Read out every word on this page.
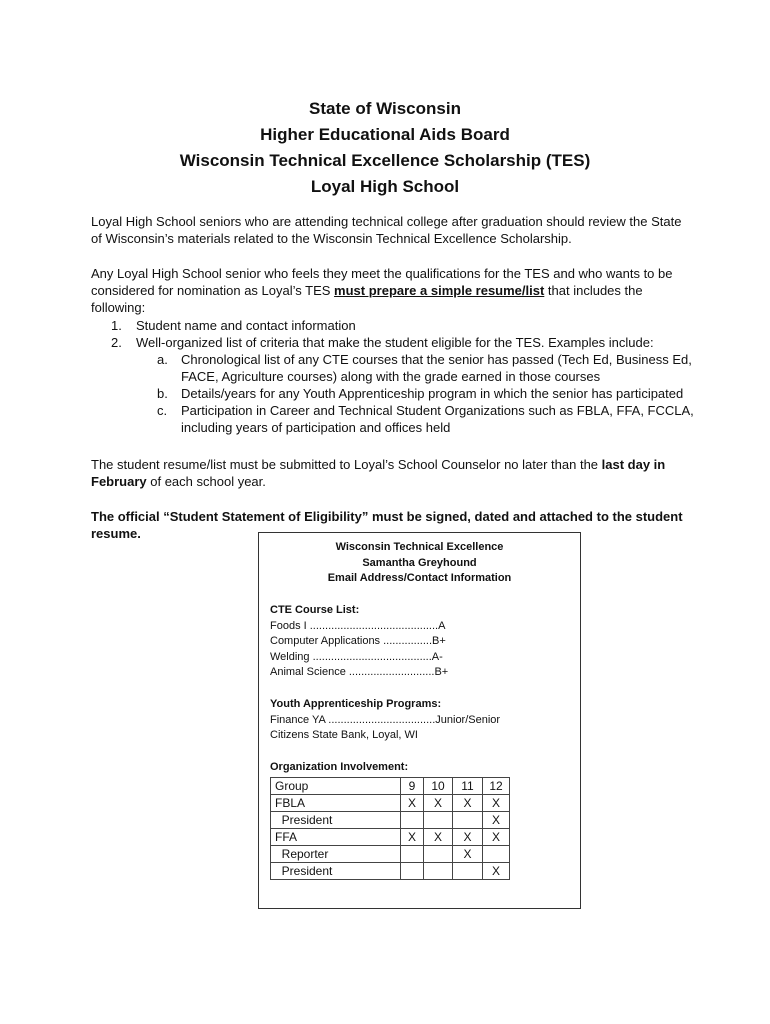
State of Wisconsin
Higher Educational Aids Board
Wisconsin Technical Excellence Scholarship (TES)
Loyal High School
Loyal High School seniors who are attending technical college after graduation should review the State of Wisconsin’s materials related to the Wisconsin Technical Excellence Scholarship.
Any Loyal High School senior who feels they meet the qualifications for the TES and who wants to be considered for nomination as Loyal’s TES must prepare a simple resume/list that includes the following:
1. Student name and contact information
2. Well-organized list of criteria that make the student eligible for the TES. Examples include:
a. Chronological list of any CTE courses that the senior has passed (Tech Ed, Business Ed, FACE, Agriculture courses) along with the grade earned in those courses
b. Details/years for any Youth Apprenticeship program in which the senior has participated
c. Participation in Career and Technical Student Organizations such as FBLA, FFA, FCCLA, including years of participation and offices held
The student resume/list must be submitted to Loyal’s School Counselor no later than the last day in February of each school year.
The official “Student Statement of Eligibility” must be signed, dated and attached to the student resume.
Wisconsin Technical Excellence
Samantha Greyhound
Email Address/Contact Information
CTE Course List:
Foods I ..........................................A
Computer Applications ................B+
Welding .......................................A-
Animal Science ............................B+
Youth Apprenticeship Programs:
Finance YA ...................................Junior/Senior
Citizens State Bank, Loyal, WI
Organization Involvement:
Group	9	10	11	12
FBLA	X	X	X	X
President				X
FFA	X	X	X	X
Reporter			X	
President				X
